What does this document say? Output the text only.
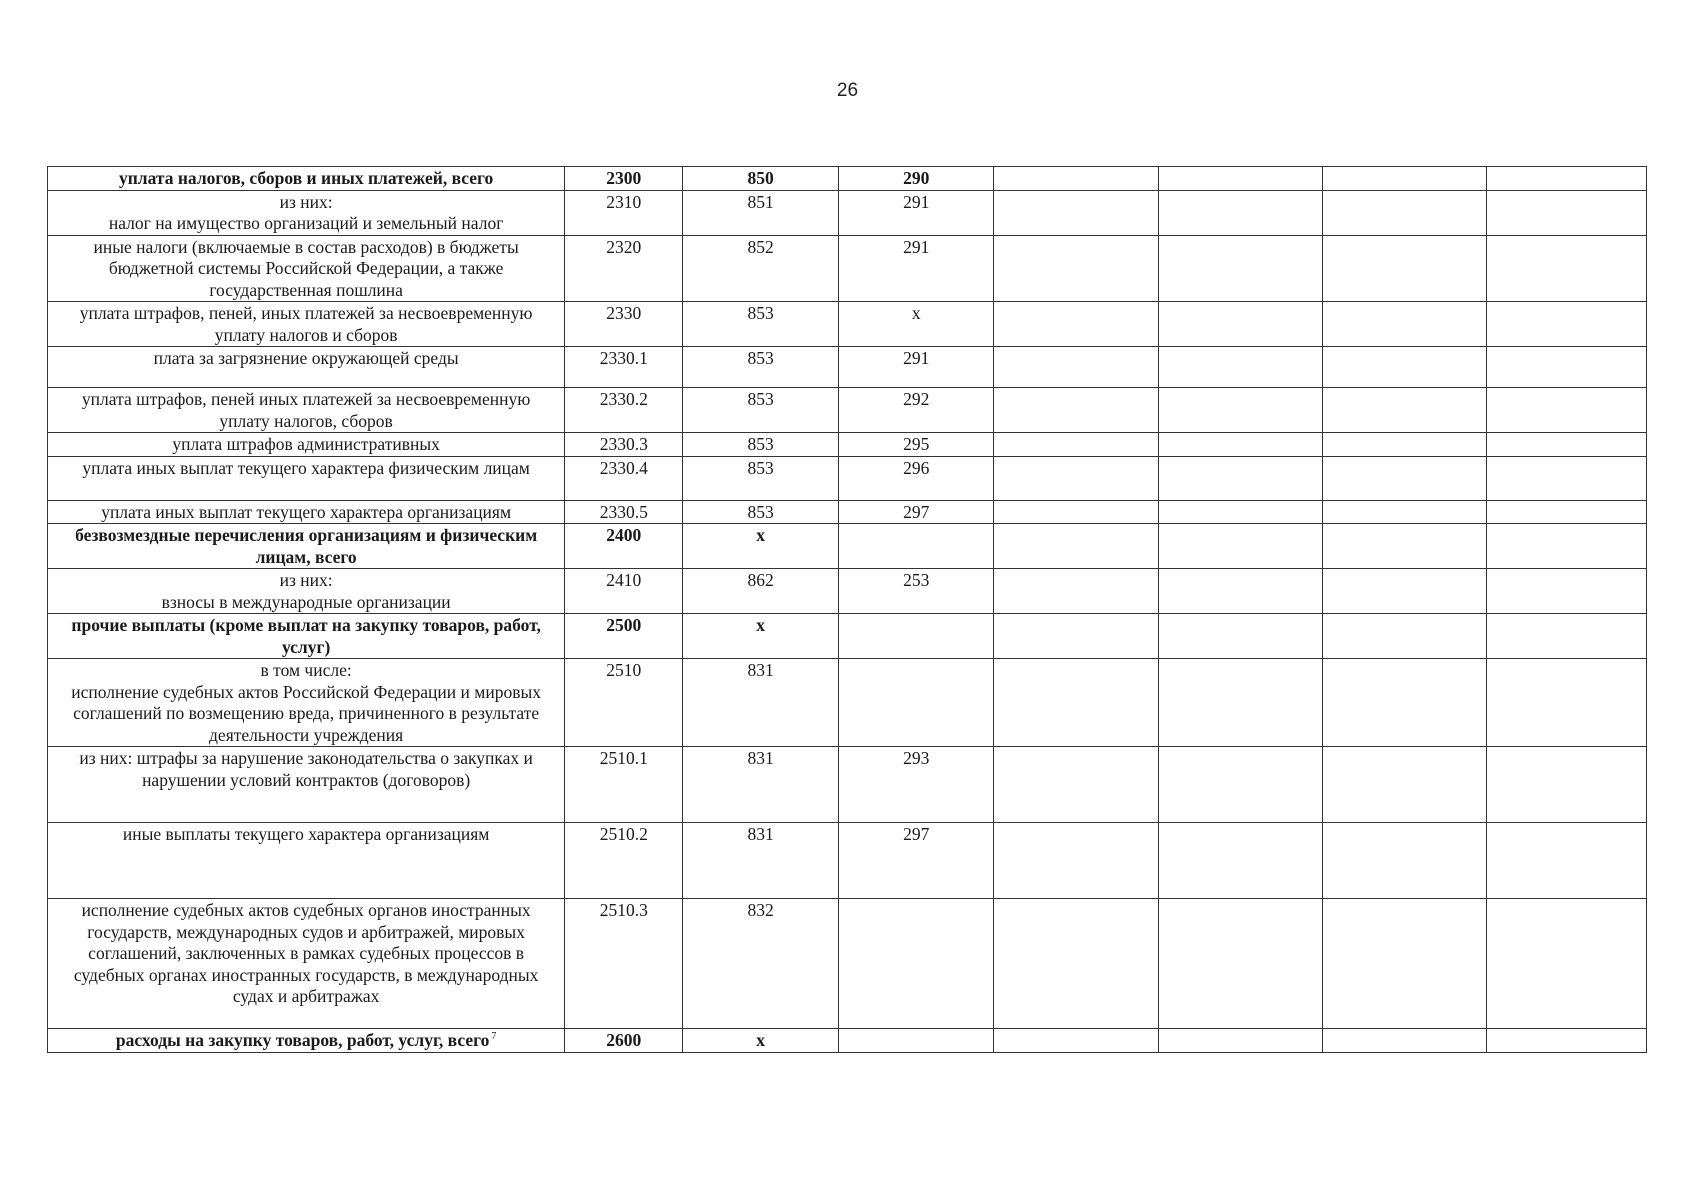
26
уплата налогов, сборов и иных платежей, всего	2300	850	290				
из них:
налог на имущество организаций и земельный налог	2310	851	291				
иные налоги (включаемые в состав расходов) в бюджеты бюджетной системы Российской Федерации, а также государственная пошлина	2320	852	291				
уплата штрафов, пеней, иных платежей за несвоевременную уплату налогов и сборов	2330	853	х				
плата за загрязнение окружающей среды	2330.1	853	291				
уплата штрафов, пеней иных платежей за несвоевременную уплату налогов, сборов	2330.2	853	292				
уплата штрафов административных	2330.3	853	295				
уплата иных выплат текущего характера физическим лицам	2330.4	853	296				
уплата иных выплат текущего характера организациям	2330.5	853	297				
безвозмездные перечисления организациям и физическим лицам, всего	2400	х					
из них:
взносы в международные организации	2410	862	253				
прочие выплаты (кроме выплат на закупку товаров, работ, услуг)	2500	х					
в том числе:
исполнение судебных актов Российской Федерации и мировых соглашений по возмещению вреда, причиненного в результате деятельности учреждения	2510	831					
из них: штрафы за нарушение законодательства о закупках и нарушении условий контрактов (договоров)	2510.1	831	293				
иные выплаты текущего характера организациям	2510.2	831	297				
исполнение судебных актов судебных органов иностранных государств, международных судов и арбитражей, мировых соглашений, заключенных в рамках судебных процессов в судебных органах иностранных государств, в международных судах и арбитражах	2510.3	832					
расходы на закупку товаров, работ, услуг, всего $^7$	2600	х					
